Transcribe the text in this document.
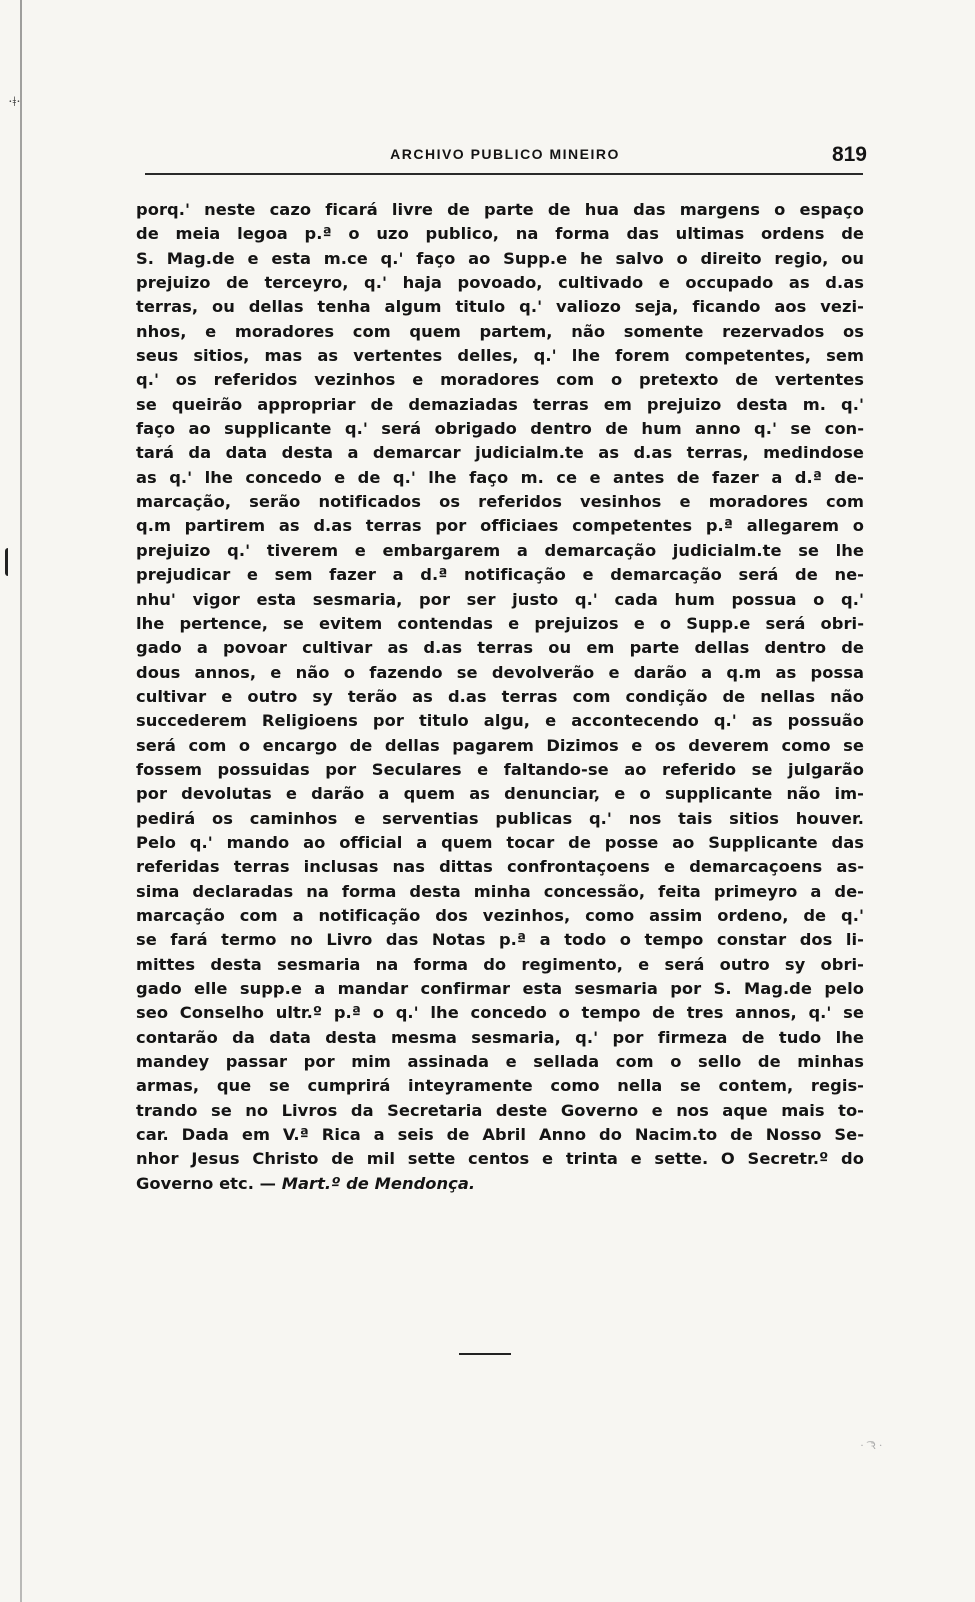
·ǂ·
ARCHIVO PUBLICO MINEIRO	819
porq.' neste cazo ficará livre de parte de hua das margens o espaço
de meia legoa p.ª o uzo publico, na forma das ultimas ordens de
S. Mag.de e esta m.ce q.' faço ao Supp.e he salvo o direito regio, ou
prejuizo de terceyro, q.' haja povoado, cultivado e occupado as d.as
terras, ou dellas tenha algum titulo q.' valiozo seja, ficando aos vezi-
nhos, e moradores com quem partem, não somente rezervados os
seus sitios, mas as vertentes delles, q.' lhe forem competentes, sem
q.' os referidos vezinhos e moradores com o pretexto de vertentes
se queirão appropriar de demaziadas terras em prejuizo desta m. q.'
faço ao supplicante q.' será obrigado dentro de hum anno q.' se con-
tará da data desta a demarcar judicialm.te as d.as terras, medindose
as q.' lhe concedo e de q.' lhe faço m. ce e antes de fazer a d.ª de-
marcação, serão notificados os referidos vesinhos e moradores com
q.m partirem as d.as terras por officiaes competentes p.ª allegarem o
prejuizo q.' tiverem e embargarem a demarcação judicialm.te se lhe
prejudicar e sem fazer a d.ª notificação e demarcação será de ne-
nhu' vigor esta sesmaria, por ser justo q.' cada hum possua o q.'
lhe pertence, se evitem contendas e prejuizos e o Supp.e será obri-
gado a povoar cultivar as d.as terras ou em parte dellas dentro de
dous annos, e não o fazendo se devolverão e darão a q.m as possa
cultivar e outro sy terão as d.as terras com condição de nellas não
succederem Religioens por titulo algu, e accontecendo q.' as possuão
será com o encargo de dellas pagarem Dizimos e os deverem como se
fossem possuidas por Seculares e faltando-se ao referido se julgarão
por devolutas e darão a quem as denunciar, e o supplicante não im-
pedirá os caminhos e serventias publicas q.' nos tais sitios houver.
Pelo q.' mando ao official a quem tocar de posse ao Supplicante das
referidas terras inclusas nas dittas confrontaçoens e demarcaçoens as-
sima declaradas na forma desta minha concessão, feita primeyro a de-
marcação com a notificação dos vezinhos, como assim ordeno, de q.'
se fará termo no Livro das Notas p.ª a todo o tempo constar dos li-
mittes desta sesmaria na forma do regimento, e será outro sy obri-
gado elle supp.e a mandar confirmar esta sesmaria por S. Mag.de pelo
seo Conselho ultr.º p.ª o q.' lhe concedo o tempo de tres annos, q.' se
contarão da data desta mesma sesmaria, q.' por firmeza de tudo lhe
mandey passar por mim assinada e sellada com o sello de minhas
armas, que se cumprirá inteyramente como nella se contem, regis-
trando se no Livros da Secretaria deste Governo e nos aque mais to-
car. Dada em V.ª Rica a seis de Abril Anno do Nacim.to de Nosso Se-
nhor Jesus Christo de mil sette centos e trinta e sette. O Secretr.º do
Governo etc. — Mart.º de Mendonça.
· ͡ ꝛ ·
